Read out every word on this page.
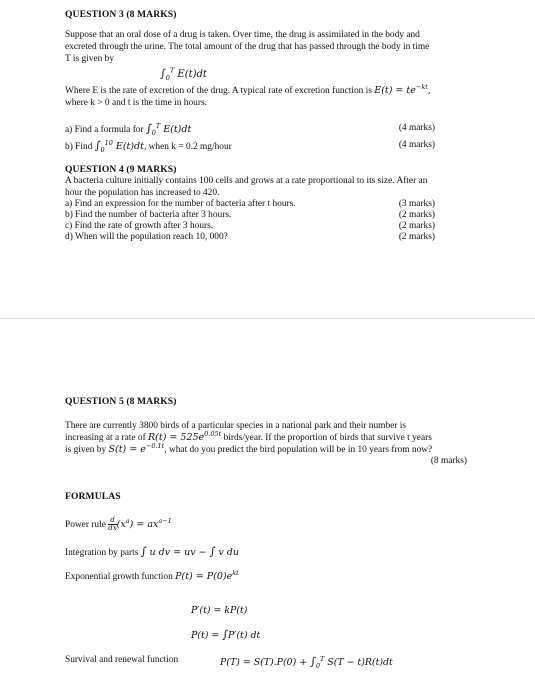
QUESTION 3 (8 MARKS)
Suppose that an oral dose of a drug is taken. Over time, the drug is assimilated in the body and
excreted through the urine. The total amount of the drug that has passed through the body in time
T is given by
$\int_0^T$ E(t)dt
Where E is the rate of excretion of the drug. A typical rate of excretion function is $E(t) = te^{-kt}$,
where k > 0 and t is the time in hours.
a) Find a formula for $\int_0^T$ E(t)dt	(4 marks)
b) Find $\int_0^{10}$ E(t)dt, when k = 0.2 mg/hour	(4 marks)
QUESTION 4 (9 MARKS)
A bacteria culture initially contains 100 cells and grows at a rate proportional to its size. After an
hour the population has increased to 420.
a) Find an expression for the number of bacteria after t hours.	(3 marks)
b) Find the number of bacteria after 3 hours.	(2 marks)
c) Find the rate of growth after 3 hours.	(2 marks)
d) When will the population reach 10, 000?	(2 marks)
QUESTION 5 (8 MARKS)
There are currently 3800 birds of a particular species in a national park and their number is
increasing at a rate of $R(t) = 525e^{0.05t}$ birds/year. If the proportion of birds that survive t years
is given by $S(t) = e^{-0.1t}$, what do you predict the bird population will be in 10 years from now?
(8 marks)
FORMULAS
Power rule $\frac{d}{dx} (x^a) = ax^{a-1}$
Integration by parts ∫ u dv = uv − ∫ v du
Exponential growth function $P(t) = P(0)e^{kt}$
P′(t) = kP(t)
P(t) = ∫P′(t) dt
Survival and renewal function	$P(T) = S(T).P(0) + \int_0^T$ S(T − t)R(t)dt
